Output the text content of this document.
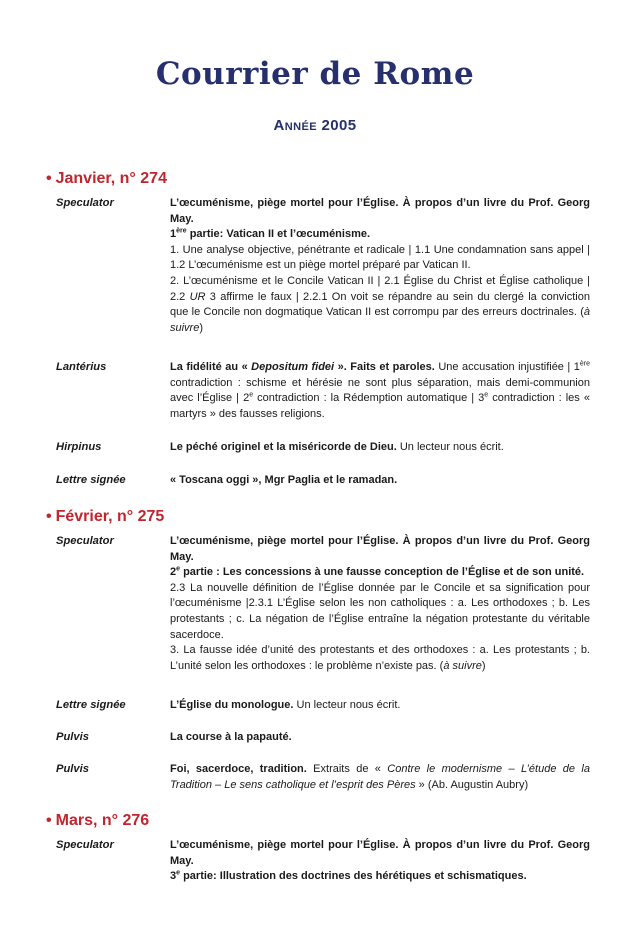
Courrier de Rome
Année 2005
• Janvier, n° 274
Speculator	L’œcuménisme, piège mortel pour l’Église. À propos d’un livre du Prof. Georg May.
1ère partie: Vatican II et l’œcuménisme.
1. Une analyse objective, pénétrante et radicale | 1.1 Une condamnation sans appel | 1.2 L’œcuménisme est un piège mortel préparé par Vatican II.
2. L’œcuménisme et le Concile Vatican II | 2.1 Église du Christ et Église catholique | 2.2 UR 3 affirme le faux | 2.2.1 On voit se répandre au sein du clergé la conviction que le Concile non dogmatique Vatican II est corrompu par des erreurs doctrinales. (à suivre)
Lantérius	La fidélité au « Depositum fidei ». Faits et paroles. Une accusation injustifiée | 1ère contradiction : schisme et hérésie ne sont plus séparation, mais demi-communion avec l’Église | 2e contradiction : la Rédemption automatique | 3e contradiction : les « martyrs » des fausses religions.
Hirpinus	Le péché originel et la miséricorde de Dieu. Un lecteur nous écrit.
Lettre signée	« Toscana oggi », Mgr Paglia et le ramadan.
• Février, n° 275
Speculator	L’œcuménisme, piège mortel pour l’Église. À propos d’un livre du Prof. Georg May.
2e partie : Les concessions à une fausse conception de l’Église et de son unité.
2.3 La nouvelle définition de l’Église donnée par le Concile et sa signification pour l’œcuménisme |2.3.1 L’Église selon les non catholiques : a. Les orthodoxes ; b. Les protestants ; c. La négation de l’Église entraîne la négation protestante du véritable sacerdoce.
3. La fausse idée d’unité des protestants et des orthodoxes : a. Les protestants ; b. L’unité selon les orthodoxes : le problème n’existe pas. (à suivre)
Lettre signée	L’Église du monologue. Un lecteur nous écrit.
Pulvis	La course à la papauté.
Pulvis	Foi, sacerdoce, tradition. Extraits de « Contre le modernisme – L’étude de la Tradition – Le sens catholique et l’esprit des Pères » (Ab. Augustin Aubry)
• Mars, n° 276
Speculator	L’œcuménisme, piège mortel pour l’Église. À propos d’un livre du Prof. Georg May.
3e partie: Illustration des doctrines des hérétiques et schismatiques.
